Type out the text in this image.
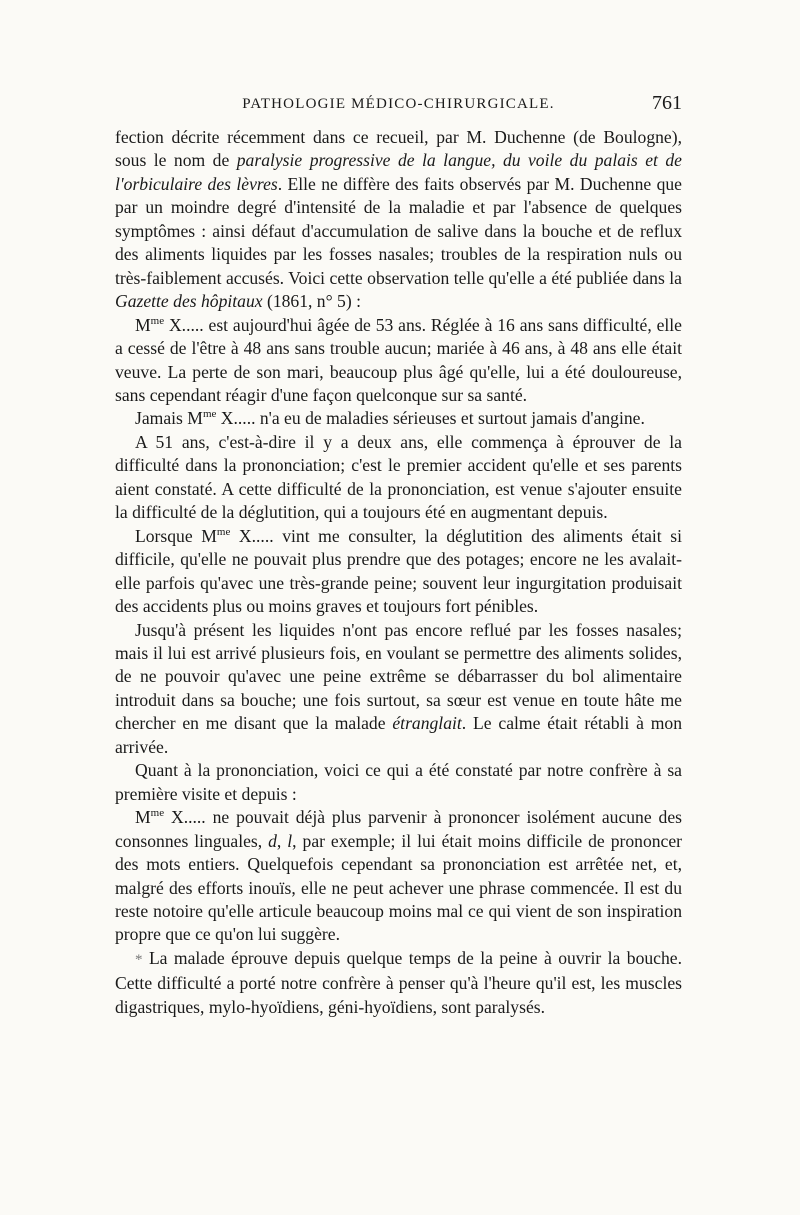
PATHOLOGIE MÉDICO-CHIRURGICALE.	761

fection décrite récemment dans ce recueil, par M. Duchenne (de Boulogne), sous le nom de paralysie progressive de la langue, du voile du palais et de l'orbiculaire des lèvres. Elle ne diffère des faits observés par M. Duchenne que par un moindre degré d'intensité de la maladie et par l'absence de quelques symptômes : ainsi défaut d'accumulation de salive dans la bouche et de reflux des aliments liquides par les fosses nasales; troubles de la respiration nuls ou très-faiblement accusés. Voici cette observation telle qu'elle a été publiée dans la Gazette des hôpitaux (1861, n° 5) :

$M^{me}$ X..... est aujourd'hui âgée de 53 ans. Réglée à 16 ans sans difficulté, elle a cessé de l'être à 48 ans sans trouble aucun; mariée à 46 ans, à 48 ans elle était veuve. La perte de son mari, beaucoup plus âgé qu'elle, lui a été douloureuse, sans cependant réagir d'une façon quelconque sur sa santé.

Jamais $M^{me}$ X..... n'a eu de maladies sérieuses et surtout jamais d'angine.

A 51 ans, c'est-à-dire il y a deux ans, elle commença à éprouver de la difficulté dans la prononciation; c'est le premier accident qu'elle et ses parents aient constaté. A cette difficulté de la prononciation, est venue s'ajouter ensuite la difficulté de la déglutition, qui a toujours été en augmentant depuis.

Lorsque $M^{me}$ X..... vint me consulter, la déglutition des aliments était si difficile, qu'elle ne pouvait plus prendre que des potages; encore ne les avalait-elle parfois qu'avec une très-grande peine; souvent leur ingurgitation produisait des accidents plus ou moins graves et toujours fort pénibles.

Jusqu'à présent les liquides n'ont pas encore reflué par les fosses nasales; mais il lui est arrivé plusieurs fois, en voulant se permettre des aliments solides, de ne pouvoir qu'avec une peine extrême se débarrasser du bol alimentaire introduit dans sa bouche; une fois surtout, sa sœur est venue en toute hâte me chercher en me disant que la malade étranglait. Le calme était rétabli à mon arrivée.

Quant à la prononciation, voici ce qui a été constaté par notre confrère à sa première visite et depuis :

$M^{me}$ X..... ne pouvait déjà plus parvenir à prononcer isolément aucune des consonnes linguales, d, l, par exemple; il lui était moins difficile de prononcer des mots entiers. Quelquefois cependant sa prononciation est arrêtée net, et, malgré des efforts inouïs, elle ne peut achever une phrase commencée. Il est du reste notoire qu'elle articule beaucoup moins mal ce qui vient de son inspiration propre que ce qu'on lui suggère.

* La malade éprouve depuis quelque temps de la peine à ouvrir la bouche. Cette difficulté a porté notre confrère à penser qu'à l'heure qu'il est, les muscles digastriques, mylo-hyoïdiens, géni-hyoïdiens, sont paralysés.
